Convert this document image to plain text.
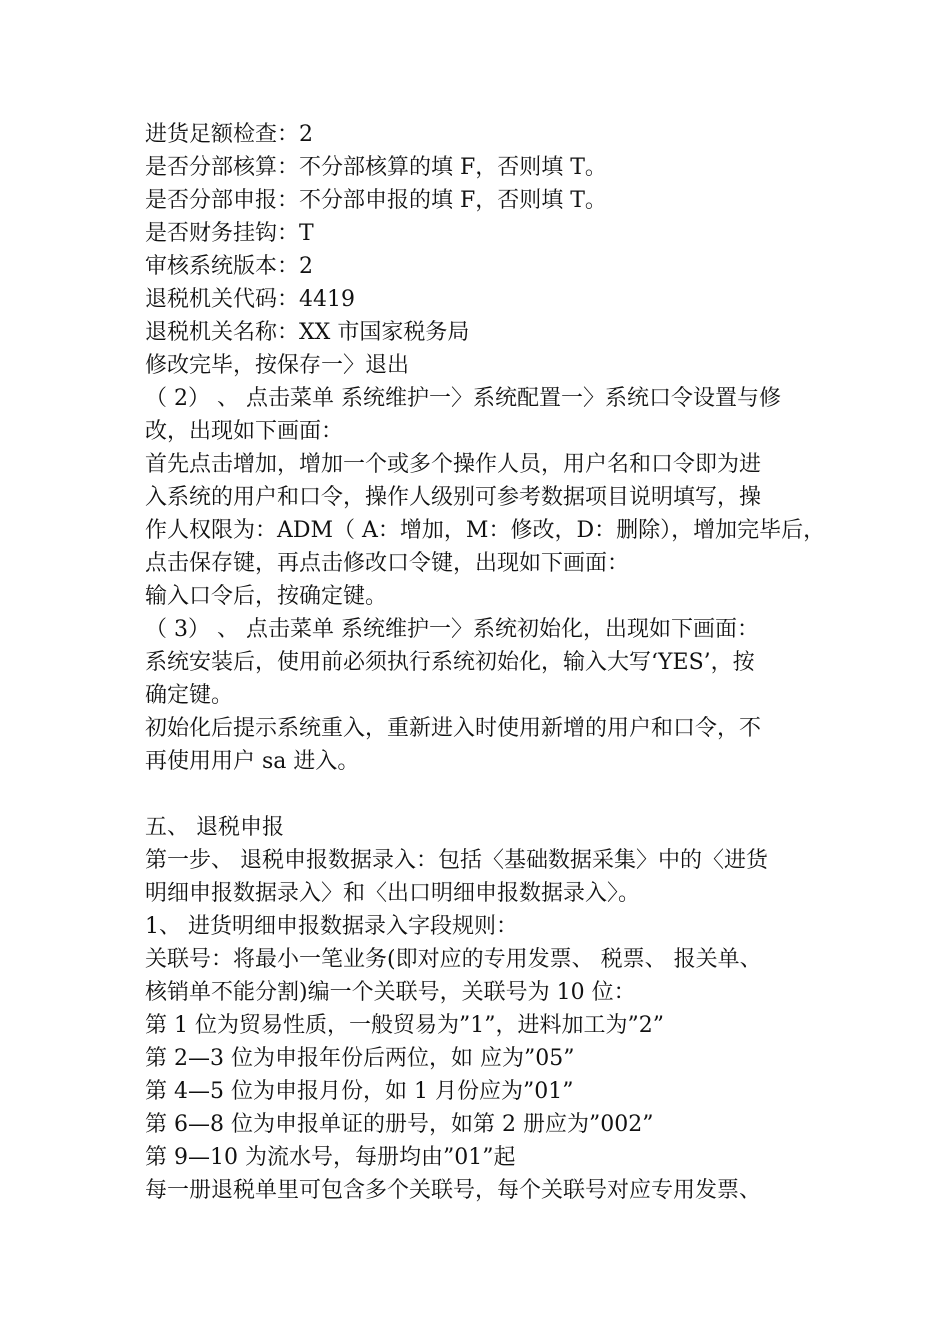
进货足额检查：2
是否分部核算：不分部核算的填 F，否则填 T。
是否分部申报：不分部申报的填 F，否则填 T。
是否财务挂钩：T
审核系统版本：2
退税机关代码：4419
退税机关名称：XX 市国家税务局
修改完毕，按保存一〉退出
（ 2） 、 点击菜单 系统维护一〉系统配置一〉系统口令设置与修
改，出现如下画面：
首先点击增加，增加一个或多个操作人员，用户名和口令即为进
入系统的用户和口令，操作人级别可参考数据项目说明填写，操
作人权限为：ADM（ A：增加，M：修改，D：删除），增加完毕后，
点击保存键，再点击修改口令键，出现如下画面：
输入口令后，按确定键。
（ 3） 、 点击菜单 系统维护一〉系统初始化，出现如下画面：
系统安装后，使用前必须执行系统初始化，输入大写‘YES’，按
确定键。
初始化后提示系统重入，重新进入时使用新增的用户和口令，不
再使用用户 sa 进入。
五、 退税申报
第一步、 退税申报数据录入：包括〈基础数据采集〉中的〈进货
明细申报数据录入〉和〈出口明细申报数据录入〉。
1、 进货明细申报数据录入字段规则：
关联号：将最小一笔业务(即对应的专用发票、 税票、 报关单、
核销单不能分割)编一个关联号，关联号为 10 位：
第 1 位为贸易性质，一般贸易为”1”，进料加工为”2”
第 2—3 位为申报年份后两位，如 应为”05”
第 4—5 位为申报月份，如 1 月份应为”01”
第 6—8 位为申报单证的册号，如第 2 册应为”002”
第 9—10 为流水号，每册均由”01”起
每一册退税单里可包含多个关联号，每个关联号对应专用发票、
